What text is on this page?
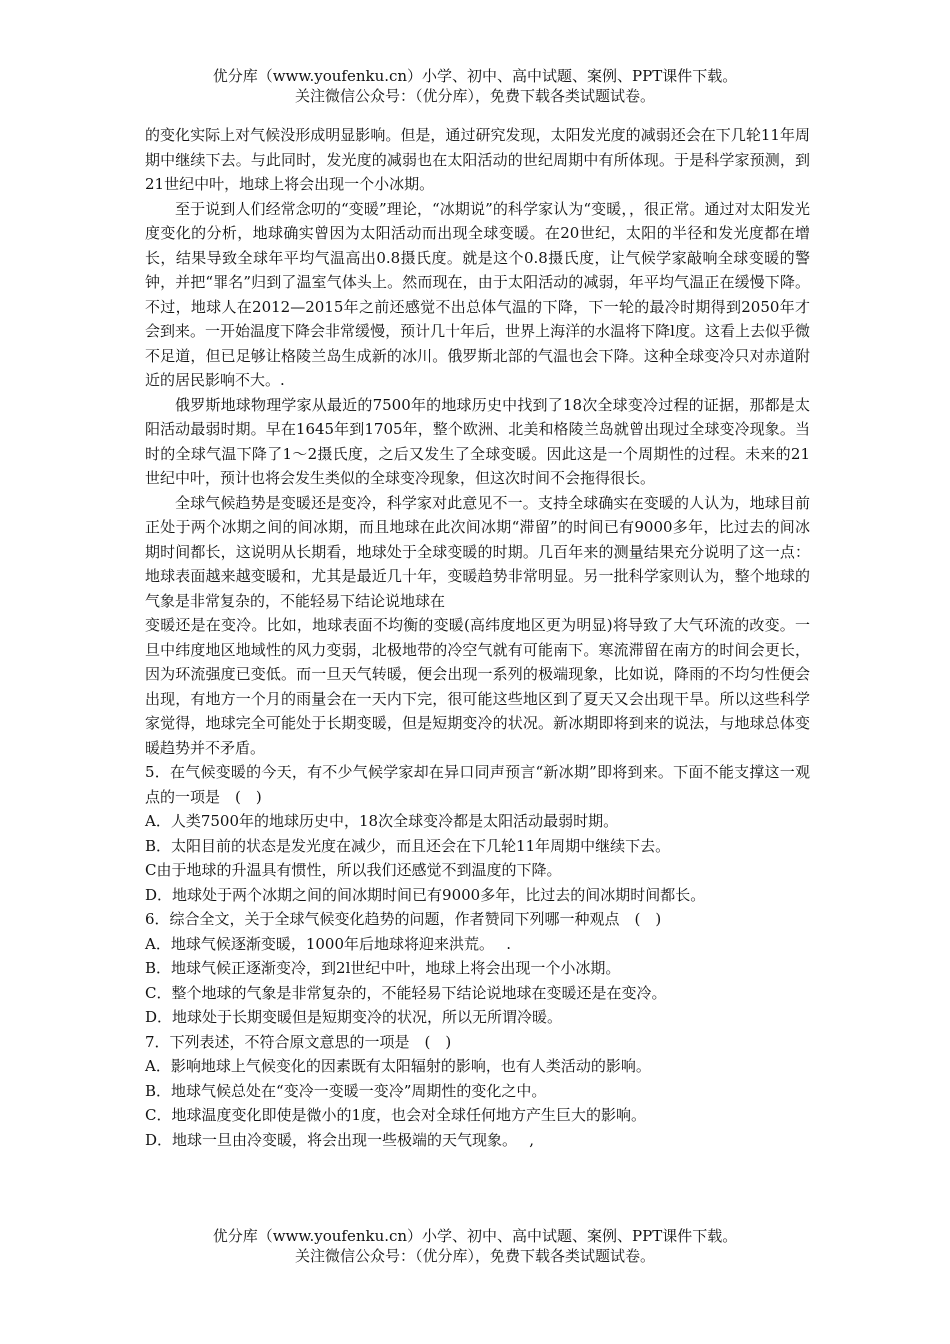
优分库（www.youfenku.cn）小学、初中、高中试题、案例、PPT课件下载。
关注微信公众号：（优分库），免费下载各类试题试卷。

的变化实际上对气候没形成明显影响。但是，通过研究发现，太阳发光度的减弱还会在下几轮11年周期中继续下去。与此同时，发光度的减弱也在太阳活动的世纪周期中有所体现。于是科学家预测，到21世纪中叶，地球上将会出现一个小冰期。

至于说到人们经常念叨的“变暖”理论，“冰期说”的科学家认为“变暖，，很正常。通过对太阳发光度变化的分析，地球确实曾因为太阳活动而出现全球变暖。在20世纪，太阳的半径和发光度都在增长，结果导致全球年平均气温高出0.8摄氏度。就是这个0.8摄氏度，让气候学家敲响全球变暖的警钟，并把“罪名”归到了温室气体头上。然而现在，由于太阳活动的减弱，年平均气温正在缓慢下降。不过，地球人在2012—2015年之前还感觉不出总体气温的下降，下一轮的最冷时期得到2050年才会到来。一开始温度下降会非常缓慢，预计几十年后，世界上海洋的水温将下降l度。这看上去似乎微不足道，但已足够让格陵兰岛生成新的冰川。俄罗斯北部的气温也会下降。这种全球变冷只对赤道附近的居民影响不大。.

俄罗斯地球物理学家从最近的7500年的地球历史中找到了18次全球变冷过程的证据，那都是太阳活动最弱时期。早在1645年到1705年，整个欧洲、北美和格陵兰岛就曾出现过全球变冷现象。当时的全球气温下降了1～2摄氏度，之后又发生了全球变暖。因此这是一个周期性的过程。未来的21世纪中叶，预计也将会发生类似的全球变冷现象，但这次时间不会拖得很长。

全球气候趋势是变暖还是变冷，科学家对此意见不一。支持全球确实在变暖的人认为，地球目前正处于两个冰期之间的间冰期，而且地球在此次间冰期“滞留”的时间已有9000多年，比过去的间冰期时间都长，这说明从长期看，地球处于全球变暖的时期。几百年来的测量结果充分说明了这一点：地球表面越来越变暖和，尤其是最近几十年，变暖趋势非常明显。另一批科学家则认为，整个地球的气象是非常复杂的，不能轻易下结论说地球在

变暖还是在变冷。比如，地球表面不均衡的变暖(高纬度地区更为明显)将导致了大气环流的改变。一旦中纬度地区地域性的风力变弱，北极地带的冷空气就有可能南下。寒流滞留在南方的时间会更长，因为环流强度已变低。而一旦天气转暖，便会出现一系列的极端现象，比如说，降雨的不均匀性便会出现，有地方一个月的雨量会在一天内下完，很可能这些地区到了夏天又会出现干旱。所以这些科学家觉得，地球完全可能处于长期变暖，但是短期变冷的状况。新冰期即将到来的说法，与地球总体变暖趋势并不矛盾。

5．在气候变暖的今天，有不少气候学家却在异口同声预言“新冰期”即将到来。下面不能支撑这一观点的一项是　(　)

A．人类7500年的地球历史中，18次全球变冷都是太阳活动最弱时期。

B．太阳目前的状态是发光度在减少，而且还会在下几轮11年周期中继续下去。

C由于地球的升温具有惯性，所以我们还感觉不到温度的下降。

D．地球处于两个冰期之间的间冰期时间已有9000多年，比过去的间冰期时间都长。

6．综合全文，关于全球气候变化趋势的问题，作者赞同下列哪一种观点　(　)

A．地球气候逐渐变暖，1000年后地球将迎来洪荒。　 .

B．地球气候正逐渐变冷，到2l世纪中叶，地球上将会出现一个小冰期。

C．整个地球的气象是非常复杂的，不能轻易下结论说地球在变暖还是在变冷。

D．地球处于长期变暖但是短期变冷的状况，所以无所谓冷暖。

7．下列表述，不符合原文意思的一项是　(　)

A．影响地球上气候变化的因素既有太阳辐射的影响，也有人类活动的影响。

B．地球气候总处在“变冷一变暖一变冷”周期性的变化之中。

C．地球温度变化即使是微小的1度，也会对全球任何地方产生巨大的影响。

D．地球一旦由冷变暖，将会出现一些极端的天气现象。　 ,

优分库（www.youfenku.cn）小学、初中、高中试题、案例、PPT课件下载。
关注微信公众号：（优分库），免费下载各类试题试卷。
